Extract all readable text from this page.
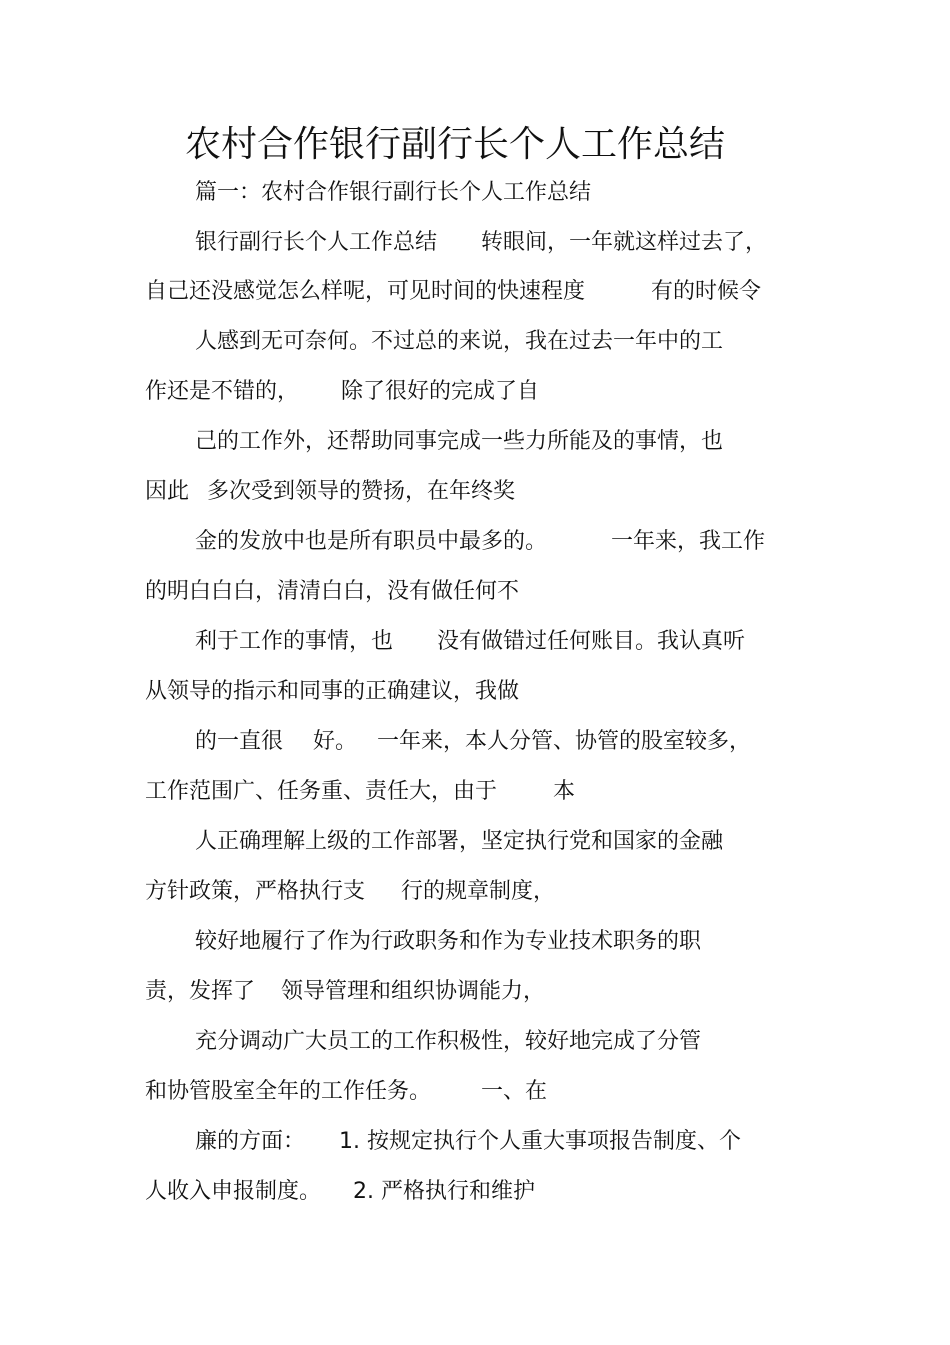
农村合作银行副行长个人工作总结
篇一：农村合作银行副行长个人工作总结
银行副行长个人工作总结 转眼间，一年就这样过去了，
自己还没感觉怎么样呢，可见时间的快速程度	有的时候令
人感到无可奈何。不过总的来说，我在过去一年中的工
作还是不错的， 除了很好的完成了自
己的工作外，还帮助同事完成一些力所能及的事情，也
因此 多次受到领导的赞扬，在年终奖
金的发放中也是所有职员中最多的。	一年来，我工作
的明白白白，清清白白，没有做任何不
利于工作的事情，也 没有做错过任何账目。我认真听
从领导的指示和同事的正确建议，我做
的一直很 好。 一年来，本人分管、协管的股室较多，
工作范围广、任务重、责任大，由于	本
人正确理解上级的工作部署，坚定执行党和国家的金融
方针政策，严格执行支 行的规章制度，
较好地履行了作为行政职务和作为专业技术职务的职
责，发挥了 领导管理和组织协调能力，
充分调动广大员工的工作积极性，较好地完成了分管
和协管股室全年的工作任务。 一、在
廉的方面： 1. 按规定执行个人重大事项报告制度、个
人收入申报制度。 2. 严格执行和维护
